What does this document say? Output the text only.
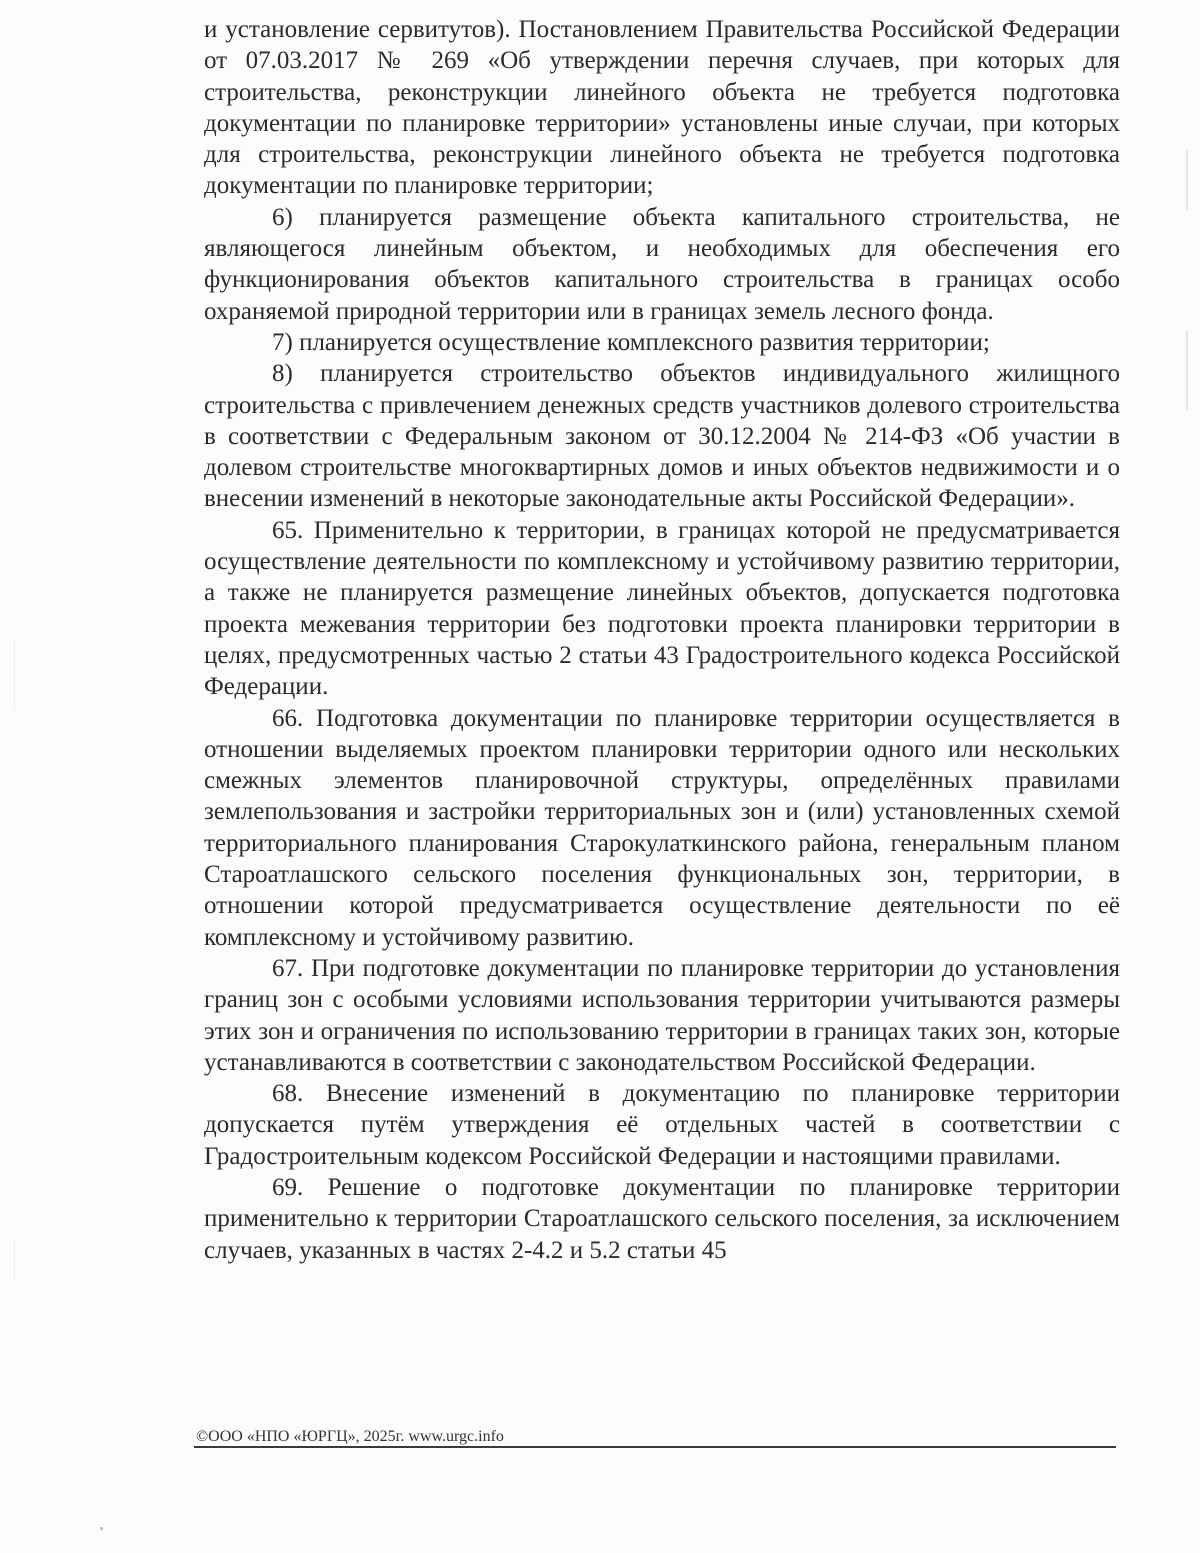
и установление сервитутов). Постановлением Правительства Российской Федерации от 07.03.2017 № 269 «Об утверждении перечня случаев, при которых для строительства, реконструкции линейного объекта не требуется подготовка документации по планировке территории» установлены иные случаи, при которых для строительства, реконструкции линейного объекта не требуется подготовка документации по планировке территории;

6) планируется размещение объекта капитального строительства, не являющегося линейным объектом, и необходимых для обеспечения его функционирования объектов капитального строительства в границах особо охраняемой природной территории или в границах земель лесного фонда.

7) планируется осуществление комплексного развития территории;

8) планируется строительство объектов индивидуального жилищного строительства с привлечением денежных средств участников долевого строительства в соответствии с Федеральным законом от 30.12.2004 № 214-ФЗ «Об участии в долевом строительстве многоквартирных домов и иных объектов недвижимости и о внесении изменений в некоторые законодательные акты Российской Федерации».

65. Применительно к территории, в границах которой не предусматривается осуществление деятельности по комплексному и устойчивому развитию территории, а также не планируется размещение линейных объектов, допускается подготовка проекта межевания территории без подготовки проекта планировки территории в целях, предусмотренных частью 2 статьи 43 Градостроительного кодекса Российской Федерации.

66. Подготовка документации по планировке территории осуществляется в отношении выделяемых проектом планировки территории одного или нескольких смежных элементов планировочной структуры, определённых правилами землепользования и застройки территориальных зон и (или) установленных схемой территориального планирования Старокулаткинского района, генеральным планом Староатлашского сельского поселения функциональных зон, территории, в отношении которой предусматривается осуществление деятельности по её комплексному и устойчивому развитию.

67. При подготовке документации по планировке территории до установления границ зон с особыми условиями использования территории учитываются размеры этих зон и ограничения по использованию территории в границах таких зон, которые устанавливаются в соответствии с законодательством Российской Федерации.

68. Внесение изменений в документацию по планировке территории допускается путём утверждения её отдельных частей в соответствии с Градостроительным кодексом Российской Федерации и настоящими правилами.

69. Решение о подготовке документации по планировке территории применительно к территории Староатлашского сельского поселения, за исключением случаев, указанных в частях 2-4.2 и 5.2 статьи 45

©ООО «НПО «ЮРГЦ», 2025г. www.urgc.info
